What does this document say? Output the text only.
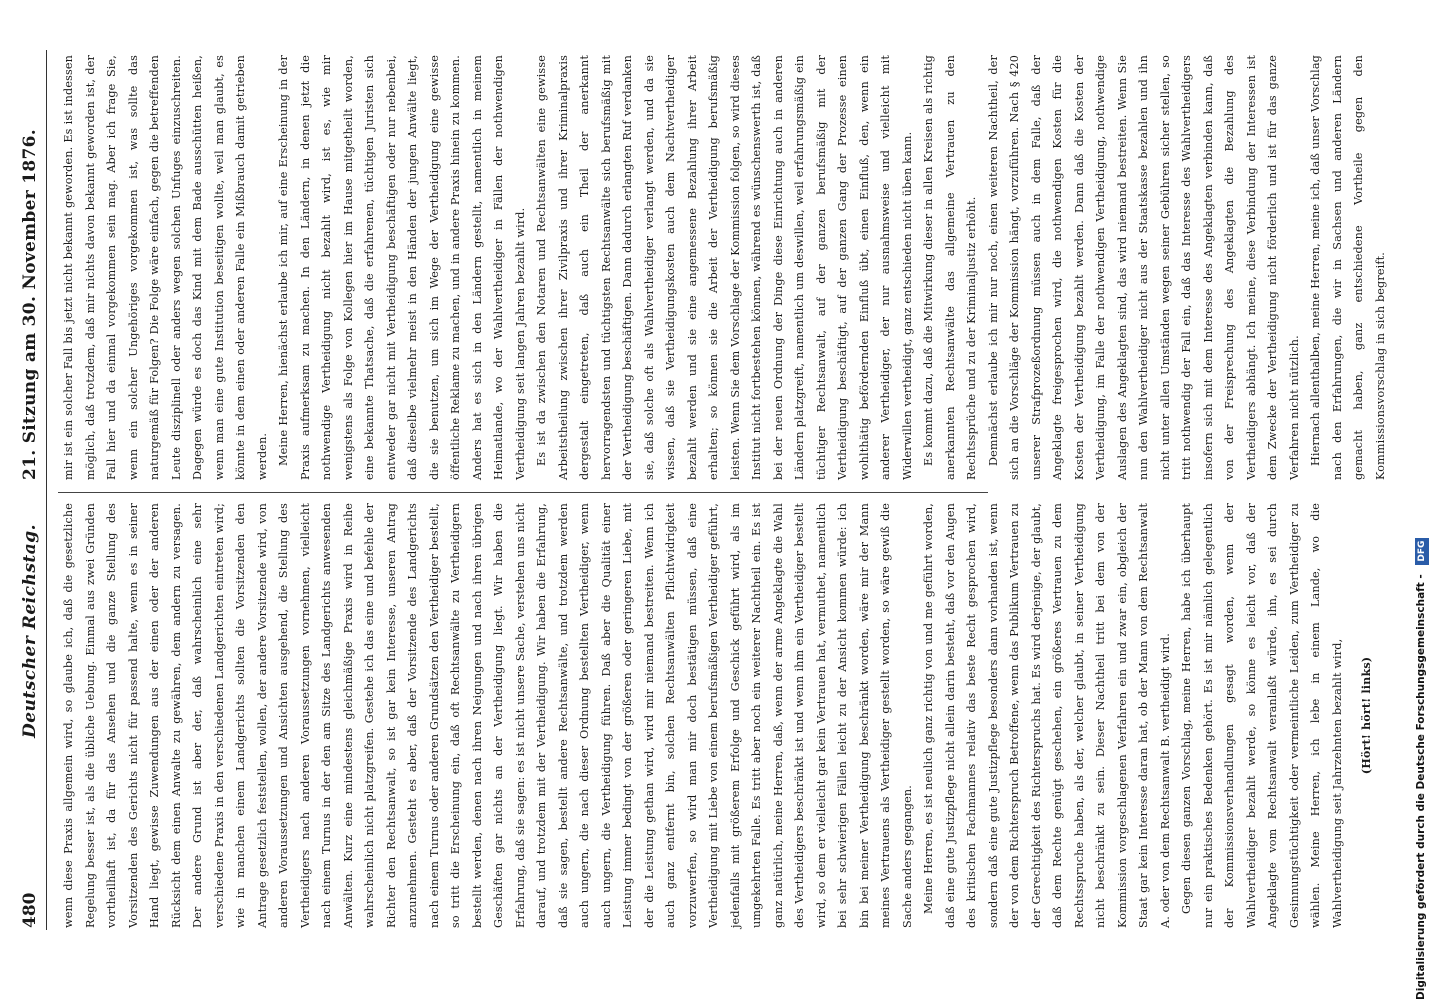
480
Deutscher Reichstag.
21. Sitzung am 30. November 1876.

wenn diese Praxis allgemein wird, so glaube ich, daß die gesetzliche Regelung besser ist, als die übliche Uebung. Einmal aus zwei Gründen vortheilhaft ist, da für das Ansehen und die ganze Stellung des Vorsitzenden des Gerichts nicht für passend halte, wenn es in seiner Hand liegt, gewisse Zuwendungen aus der einen oder der anderen Rücksicht dem einen Anwalte zu gewähren, dem andern zu versagen. Der andere Grund ist aber der, daß wahrscheinlich eine sehr verschiedene Praxis in den verschiedenen Landgerichten eintreten wird; wie in manchen einem Landgerichts sollten die Vorsitzenden den Antrage gesetzlich feststellen, wollen, der andere Vorsitzende wird, von anderen Voraussetzungen und Ansichten ausgehend, die Stellung des Vertheidigers nach anderen Voraussetzungen vornehmen, vielleicht nach einem Turnus in der den am Sitze des Landgerichts anwesenden Anwälten. Kurz eine mindestens gleichmäßige Praxis wird in Reihe wahrscheinlich nicht platzgreifen. Gestehe ich das eine und befehle der Richter den Rechtsanwalt, so ist gar kein Interesse, unseren Antrag anzunehmen. Gesteht es aber, daß der Vorsitzende des Landgerichts nach einem Turnus oder anderen Grundsätzen den Vertheidiger bestellt, so tritt die Erscheinung ein, daß oft Rechtsanwälte zu Vertheidigern bestellt werden, denen nach ihren Neigungen und nach ihren übrigen Geschäften gar nichts an der Vertheidigung liegt. Wir haben die Erfahrung, daß sie sagen: es ist nicht unsere Sache, verstehen uns nicht darauf, und trotzdem mit der Vertheidigung. Wir haben die Erfahrung, daß sie sagen, bestellt andere Rechtsanwälte, und trotzdem werden auch ungern, die nach dieser Ordnung bestellten Vertheidiger, wenn auch ungern, die Vertheidigung führen. Daß aber die Qualität einer Leistung immer bedingt von der größeren oder geringeren Liebe, mit der die Leistung gethan wird, wird mir niemand bestreiten. Wenn ich auch ganz entfernt bin, solchen Rechtsanwälten Pflichtwidrigkeit vorzuwerfen, so wird man mir doch bestätigen müssen, daß eine Vertheidigung mit Liebe von einem berufsmäßigen Vertheidiger geführt, jedenfalls mit größerem Erfolge und Geschick geführt wird, als im umgekehrten Falle. Es tritt aber noch ein weiterer Nachtheil ein. Es ist ganz natürlich, meine Herren, daß, wenn der arme Angeklagte die Wahl des Vertheidigers beschränkt ist und wenn ihm ein Vertheidiger bestellt wird, so dem er vielleicht gar kein Vertrauen hat, vermuthet, namentlich bei sehr schwierigen Fällen leicht zu der Ansicht kommen würde: ich bin bei meiner Vertheidigung beschränkt worden, wäre mir der Mann meines Vertrauens als Vertheidiger gestellt worden, so wäre gewiß die Sache anders gegangen. Meine Herren, es ist neulich ganz richtig von und me geführt worden, daß eine gute Justizpflege nicht allein darin besteht, daß vor den Augen des kritischen Fachmannes relativ das beste Recht gesprochen wird, sondern daß eine gute Justizpflege besonders dann vorhanden ist, wenn der von dem Richterspruch Betroffene, wenn das Publikum Vertrauen zu der Gerechtigkeit des Richterspruchs hat. Es wird derjenige, der glaubt, daß dem Rechte genügt geschehen, ein größeres Vertrauen zu dem Rechtsspruche haben, als der, welcher glaubt, in seiner Vertheidigung nicht beschränkt zu sein. Dieser Nachtheil tritt bei dem von der Kommission vorgeschlagenen Verfahren ein und zwar ein, obgleich der Staat gar kein Interesse daran hat, ob der Mann von dem Rechtsanwalt A. oder von dem Rechtsanwalt B. vertheidigt wird. Gegen diesen ganzen Vorschlag, meine Herren, habe ich überhaupt nur ein praktisches Bedenken gehört. Es ist mir nämlich gelegentlich der Kommissionsverhandlungen gesagt worden, wenn der Wahlvertheidiger bezahlt werde, so könne es leicht vor, daß der Angeklagte vom Rechtsanwalt veranlaßt würde, ihn, es sei durch Gesinnungstüchtigkeit oder vermeintliche Leiden, zum Vertheidiger zu wählen. Meine Herren, ich lebe in einem Lande, wo die Wahlvertheidigung seit Jahrzehnten bezahlt wird,	(Hört! hört! links)

mir ist ein solcher Fall bis jetzt nicht bekannt geworden. Es ist indessen möglich, daß trotzdem, daß mir nichts davon bekannt geworden ist, der Fall hier und da einmal vorgekommen sein mag. Aber ich frage Sie, wenn ein solcher Ungehöriges vorgekommen ist, was sollte das naturgemäß für Folgen? Die Folge wäre einfach, gegen die betreffenden Leute disziplinell oder anders wegen solchen Unfuges einzuschreiten. Dagegen würde es doch das Kind mit dem Bade ausschütten heißen, wenn man eine gute Institution beseitigen wollte, weil man glaubt, es könnte in dem einen oder anderen Falle ein Mißbrauch damit getrieben werden. Meine Herren, hienächst erlaube ich mir, auf eine Erscheinung in der Praxis aufmerksam zu machen. In den Ländern, in denen jetzt die nothwendige Vertheidigung nicht bezahlt wird, ist es, wie mir wenigstens als Folge von Kollegen hier im Hause mitgetheilt worden, eine bekannte Thatsache, daß die erfahrenen, tüchtigen Juristen sich entweder gar nicht mit Vertheidigung beschäftigen oder nur nebenbei, daß dieselbe vielmehr meist in den Händen der jungen Anwälte liegt, die sie benutzen, um sich im Wege der Vertheidigung eine gewisse öffentliche Reklame zu machen, und in andere Praxis hinein zu kommen. Anders hat es sich in den Ländern gestellt, namentlich in meinem Heimatlande, wo der Wahlvertheidiger in Fällen der nothwendigen Vertheidigung seit langen Jahren bezahlt wird. Es ist da zwischen den Notaren und Rechtsanwälten eine gewisse Arbeitstheilung zwischen ihrer Zivilpraxis und ihrer Kriminalpraxis dergestalt eingetreten, daß auch ein Theil der anerkannt hervorragendsten und tüchtigsten Rechtsanwälte sich berufsmäßig mit der Vertheidigung beschäftigen. Dann dadurch erlangten Ruf verdanken sie, daß solche oft als Wahlvertheidiger verlangt werden, und da sie wissen, daß sie Vertheidigungskosten auch dem Nachtvertheidiger bezahlt werden und sie eine angemessene Bezahlung ihrer Arbeit erhalten; so können sie die Arbeit der Vertheidigung berufsmäßig leisten. Wenn Sie dem Vorschlage der Kommission folgen, so wird dieses Institut nicht fortbestehen können, während es wünschenswerth ist, daß bei der neuen Ordnung der Dinge diese Einrichtung auch in anderen Ländern platzgreift, namentlich um deswillen, weil erfahrungsmäßig ein tüchtiger Rechtsanwalt, auf der ganzen berufsmäßig mit der Vertheidigung beschäftigt, auf der ganzen Gang der Prozesse einen wohlthätig befördernden Einfluß übt, einen Einfluß, den, wenn ein anderer Vertheidiger, der nur ausnahmsweise und vielleicht mit Widerwillen vertheidigt, ganz entschieden nicht üben kann. Es kommt dazu, daß die Mitwirkung dieser in allen Kreisen als richtig anerkannten Rechtsanwälte das allgemeine Vertrauen zu den Rechtssprüche und zu der Kriminaljustiz erhöht. Demnächst erlaube ich mir nur noch, einen weiteren Nachtheil, der sich an die Vorschläge der Kommission hängt, vorzuführen. Nach § 420 unserer Strafprozeßordnung müssen auch in dem Falle, daß der Angeklagte freigesprochen wird, die nothwendigen Kosten für die Kosten der Vertheidigung bezahlt werden. Dann daß die Kosten der Vertheidigung, im Falle der nothwendigen Vertheidigung, nothwendige Auslagen des Angeklagten sind, das wird niemand bestreiten. Wenn Sie nun den Wahlvertheidiger nicht aus der Staatskasse bezahlen und ihn nicht unter allen Umständen wegen seiner Gebühren sicher stellen, so tritt nothwendig der Fall ein, daß das Interesse des Wahlvertheidigers insofern sich mit dem Interesse des Angeklagten verbinden kann, daß von der Freisprechung des Angeklagten die Bezahlung des Vertheidigers abhängt. Ich meine, diese Verbindung der Interessen ist dem Zwecke der Vertheidigung nicht förderlich und ist für das ganze Verfahren nicht nützlich. Hiernach allenthalben, meine Herren, meine ich, daß unser Vorschlag nach den Erfahrungen, die wir in Sachsen und anderen Ländern gemacht haben, ganz entschiedene Vortheile gegen den Kommissionsvorschlag in sich begreift.

Digitalisierung gefördert durch die Deutsche Forschungsgemeinschaft - DFG
